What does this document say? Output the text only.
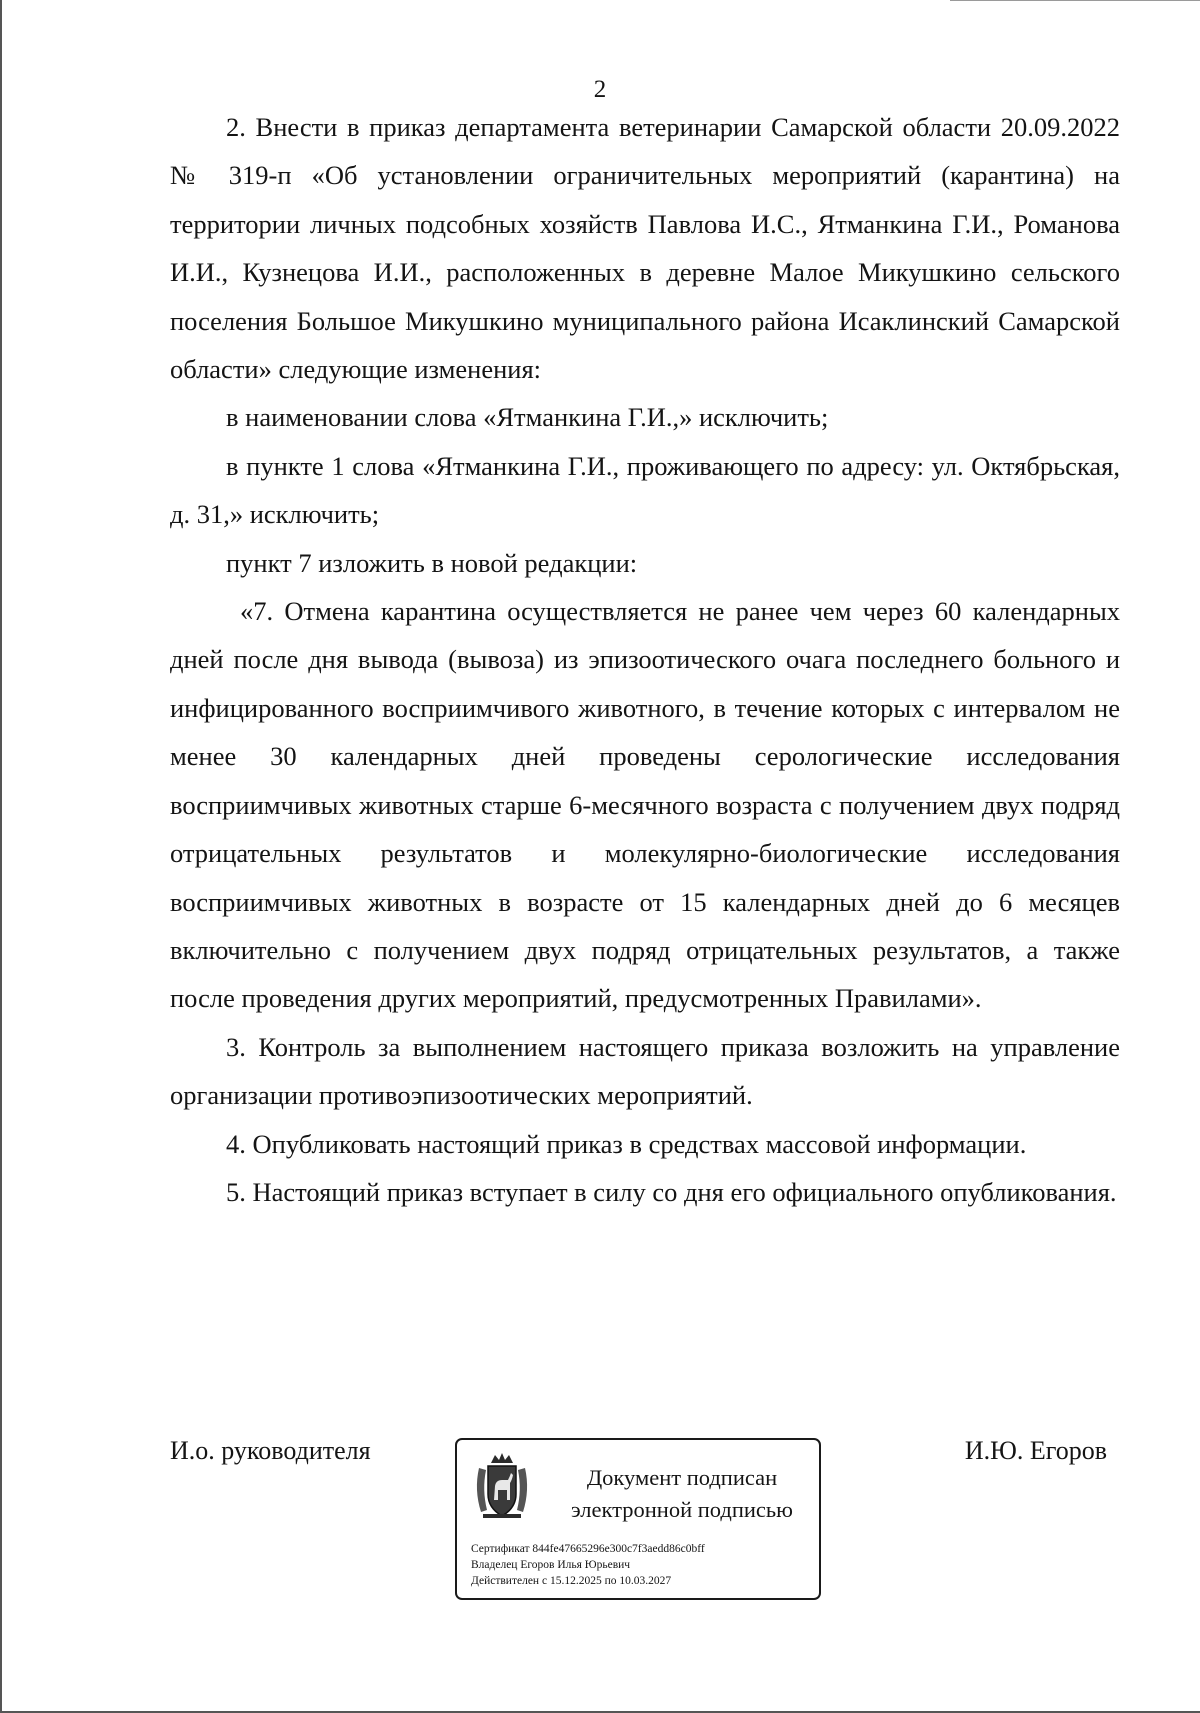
2

2. Внести в приказ департамента ветеринарии Самарской области 20.09.2022 № 319-п «Об установлении ограничительных мероприятий (карантина) на территории личных подсобных хозяйств Павлова И.С., Ятманкина Г.И., Романова И.И., Кузнецова И.И., расположенных в деревне Малое Микушкино сельского поселения Большое Микушкино муниципального района Исаклинский Самарской области» следующие изменения:

в наименовании слова «Ятманкина Г.И.,» исключить;

в пункте 1 слова «Ятманкина Г.И., проживающего по адресу: ул. Октябрьская, д. 31,» исключить;

пункт 7 изложить в новой редакции:

«7. Отмена карантина осуществляется не ранее чем через 60 календарных дней после дня вывода (вывоза) из эпизоотического очага последнего больного и инфицированного восприимчивого животного, в течение которых с интервалом не менее 30 календарных дней проведены серологические исследования восприимчивых животных старше 6-месячного возраста с получением двух подряд отрицательных результатов и молекулярно-биологические исследования восприимчивых животных в возрасте от 15 календарных дней до 6 месяцев включительно с получением двух подряд отрицательных результатов, а также после проведения других мероприятий, предусмотренных Правилами».

3. Контроль за выполнением настоящего приказа возложить на управление организации противоэпизоотических мероприятий.

4. Опубликовать настоящий приказ в средствах массовой информации.

5. Настоящий приказ вступает в силу со дня его официального опубликования.

И.о. руководителя
Документ подписан
электронной подписью
Сертификат 844fe47665296e300c7f3aedd86c0bff
Владелец Егоров Илья Юрьевич
Действителен с 15.12.2025 по 10.03.2027
И.Ю. Егоров
